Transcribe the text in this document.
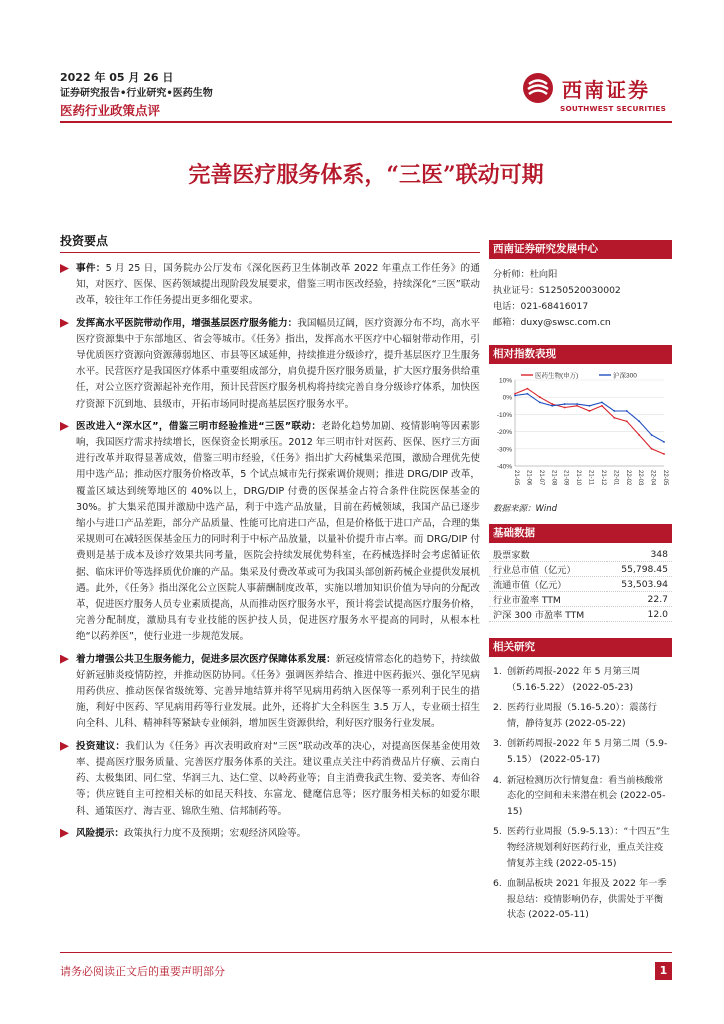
2022 年 05 月 26 日
证券研究报告•行业研究•医药生物
医药行业政策点评
西南证券
SOUTHWEST SECURITIES
完善医疗服务体系，“三医”联动可期
投资要点
事件：5 月 25 日，国务院办公厅发布《深化医药卫生体制改革 2022 年重点工作任务》的通知，对医疗、医保、医药领域提出现阶段发展要求，借鉴三明市医改经验，持续深化“三医”联动改革，较往年工作任务提出更多细化要求。
发挥高水平医院带动作用，增强基层医疗服务能力：我国幅员辽阔，医疗资源分布不均，高水平医疗资源集中于东部地区、省会等城市。《任务》指出，发挥高水平医疗中心辐射带动作用，引导优质医疗资源向资源薄弱地区、市县等区域延伸，持续推进分级诊疗，提升基层医疗卫生服务水平。民营医疗是我国医疗体系中重要组成部分，肩负提升医疗服务质量，扩大医疗服务供给重任，对公立医疗资源起补充作用，预计民营医疗服务机构将持续完善自身分级诊疗体系，加快医疗资源下沉到地、县级市，开拓市场同时提高基层医疗服务水平。
医改进入“深水区”，借鉴三明市经验推进“三医”联动：老龄化趋势加剧、疫情影响等因素影响，我国医疗需求持续增长，医保资金长期承压。2012 年三明市针对医药、医保、医疗三方面进行改革并取得显著成效，借鉴三明市经验，《任务》指出扩大药械集采范围，激励合理优先使用中选产品；推动医疗服务价格改革，5 个试点城市先行探索调价规则；推进 DRG/DIP 改革，覆盖区域达到统筹地区的 40%以上，DRG/DIP 付费的医保基金占符合条件住院医保基金的 30%。扩大集采范围并激励中选产品，利于中选产品放量，目前在药械领域，我国产品已逐步缩小与进口产品差距，部分产品质量、性能可比肩进口产品，但是价格低于进口产品，合理的集采规则可在减轻医保基金压力的同时利于中标产品放量，以量补价提升市占率。而 DRG/DIP 付费则是基于成本及诊疗效果共同考量，医院会持续发展优势科室，在药械选择时会考虑循证依据、临床评价等选择质优价廉的产品。集采及付费改革或可为我国头部创新药械企业提供发展机遇。此外，《任务》指出深化公立医院人事薪酬制度改革，实施以增加知识价值为导向的分配改革，促进医疗服务人员专业素质提高，从而推动医疗服务水平，预计将尝试提高医疗服务价格，完善分配制度，激励具有专业技能的医护技人员，促进医疗服务水平提高的同时，从根本杜绝“以药养医”，使行业进一步规范发展。
着力增强公共卫生服务能力，促进多层次医疗保障体系发展：新冠疫情常态化的趋势下，持续做好新冠肺炎疫情防控，并推动医防协同。《任务》强调医养结合、推进中医药振兴、强化罕见病用药供应、推动医保省级统筹、完善异地结算并将罕见病用药纳入医保等一系列利于民生的措施，利好中医药、罕见病用药等行业发展。此外，还将扩大全科医生 3.5 万人，专业硕士招生向全科、儿科、精神科等紧缺专业倾斜，增加医生资源供给，利好医疗服务行业发展。
投资建议：我们认为《任务》再次表明政府对“三医”联动改革的决心，对提高医保基金使用效率、提高医疗服务质量、完善医疗服务体系的关注。建议重点关注中药消费品片仔癀、云南白药、太极集团、同仁堂、华润三九、达仁堂、以岭药业等；自主消费我武生物、爱美客、寿仙谷等；供应链自主可控相关标的如昆天科技、东富龙、健麾信息等；医疗服务相关标的如爱尔眼科、通策医疗、海吉亚、锦欣生殖、信邦制药等。
风险提示：政策执行力度不及预期；宏观经济风险等。
西南证券研究发展中心
分析师：杜向阳
执业证号：S1250520030002
电话：021-68416017
邮箱：duxy@swsc.com.cn
相对指数表现
10%
0%
-10%
-20%
-30%
-40%
21-05 21-06 21-07 21-08 21-09 21-10 21-11 21-12 22-01 22-02 22-03 22-04 22-05
医药生物(申万)	沪深300
数据来源：Wind
基础数据
股票家数	348
行业总市值（亿元）	55,798.45
流通市值（亿元）	53,503.94
行业市盈率 TTM	22.7
沪深 300 市盈率 TTM	12.0
相关研究
1. 创新药周报-2022 年 5 月第三周（5.16-5.22） (2022-05-23)
2. 医药行业周报（5.16-5.20）：震荡行情，静待复苏 (2022-05-22)
3. 创新药周报-2022 年 5 月第二周（5.9-5.15） (2022-05-17)
4. 新冠检测历次行情复盘：看当前核酸常态化的空间和未来潜在机会 (2022-05-15)
5. 医药行业周报（5.9-5.13）：“十四五”生物经济规划利好医药行业，重点关注疫情复苏主线 (2022-05-15)
6. 血制品板块 2021 年报及 2022 年一季报总结：疫情影响仍存，供需处于平衡状态 (2022-05-11)
请务必阅读正文后的重要声明部分	1
